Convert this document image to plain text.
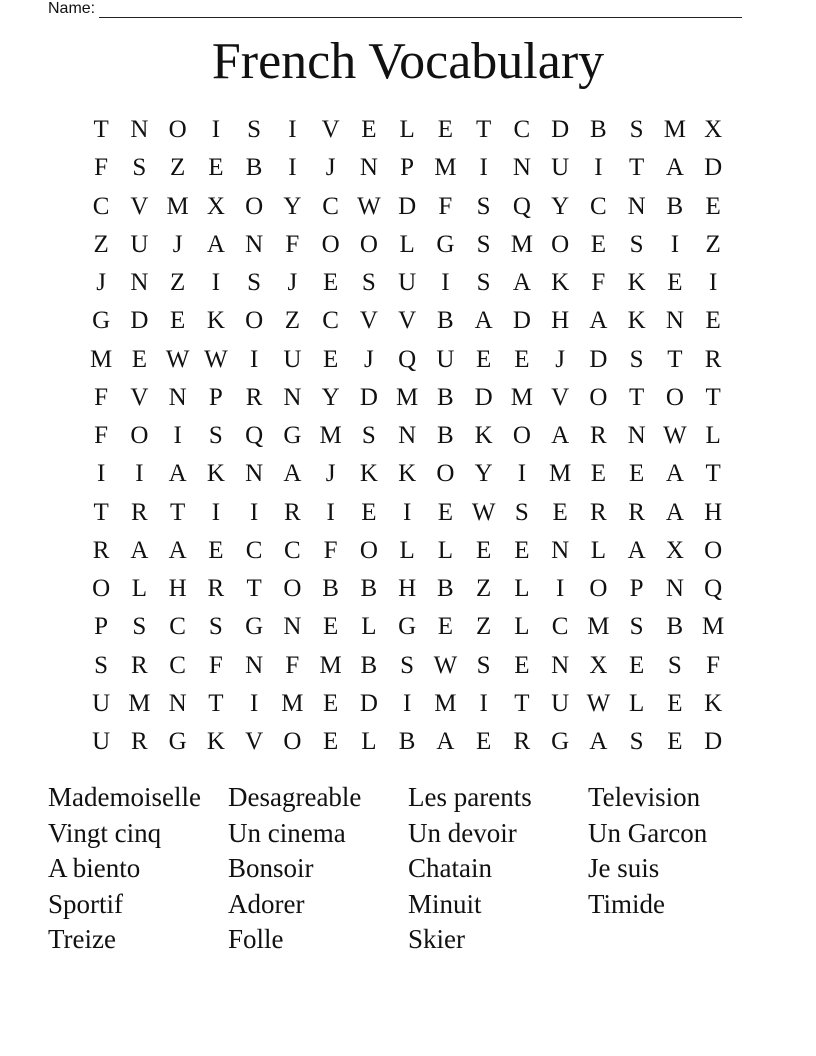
Name:
French Vocabulary
T N O	I	S	I	V E L E T C D B S M X
F S Z E B	I	J N P M I	N U	I	T A D
C V M X O Y C W D F S Q Y C N B E
Z U J A N F O O L G S M O E S	I	Z
J N Z	I	S	J	E S U	I	S A K F K E	I
G D E K O Z C V V B A D H A K N E
M E W W I	U E	J Q U E E	J D S T R
F V N P R N Y D M B D M V O T O T
F O	I	S Q G M S N B K O A R N W L
I	I	A K N A J K K O Y	I M E E A T
T R T	I	I	R	I	E	I	E W S E R R A H
R A A E C C F O L L E E N L A X O
O L H R T O B B H B Z L	I	O P N Q
P S C S G N E L G E Z L C M S B M
S R C F N F M B S W S E N X E S F
U M N T	I M E D	I M I	T U W L E K
U R G K V O E L B A E R G A S E D
Mademoiselle	Desagreable	Les parents	Television
Vingt cinq	Un cinema	Un devoir	Un Garcon
A biento	Bonsoir	Chatain	Je suis
Sportif	Adorer	Minuit	Timide
Treize	Folle	Skier
